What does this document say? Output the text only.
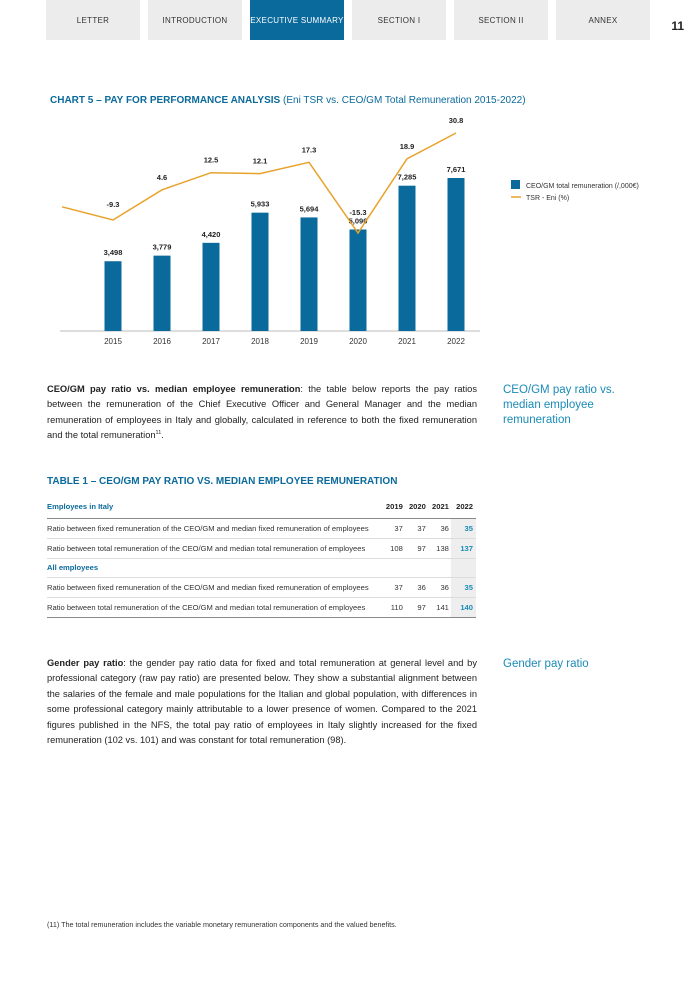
LETTER	INTRODUCTION	EXECUTIVE SUMMARY	SECTION I	SECTION II	ANNEX	11
CHART 5 – PAY FOR PERFORMANCE ANALYSIS (Eni TSR vs. CEO/GM Total Remuneration 2015-2022)
3,498
2015
3,779
2016
4,420
2017
5,933
2018
5,694
2019
5,090
2020
7,285
2021
7,671
2022
-9.3
4.6
12.5	12.1
17.3
-15.3
18.9
30.8
CEO/GM total remuneration (/,000€)
TSR - Eni (%)
CEO/GM pay ratio vs. median employee remuneration: the table below reports the pay ratios between the remuneration of the Chief Executive Officer and General Manager and the median remuneration of employees in Italy and globally, calculated in reference to both the fixed remuneration and the total remuneration$^{11}$.
CEO/GM pay ratio vs. median employee remuneration
TABLE 1 – CEO/GM PAY RATIO VS. MEDIAN EMPLOYEE REMUNERATION
Employees in Italy	2019	2020	2021	2022
Ratio between fixed remuneration of the CEO/GM and median fixed remuneration of employees	37	37	36	35
Ratio between total remuneration of the CEO/GM and median total remuneration of employees	108	97	138	137
All employees				
Ratio between fixed remuneration of the CEO/GM and median fixed remuneration of employees	37	36	36	35
Ratio between total remuneration of the CEO/GM and median total remuneration of employees	110	97	141	140
Gender pay ratio: the gender pay ratio data for fixed and total remuneration at general level and by professional category (raw pay ratio) are presented below. They show a substantial alignment between the salaries of the female and male populations for the Italian and global population, with differences in some professional category mainly attributable to a lower presence of women. Compared to the 2021 figures published in the NFS, the total pay ratio of employees in Italy slightly increased for the fixed remuneration (102 vs. 101) and was constant for total remuneration (98).
Gender pay ratio
(11) The total remuneration includes the variable monetary remuneration components and the valued benefits.
